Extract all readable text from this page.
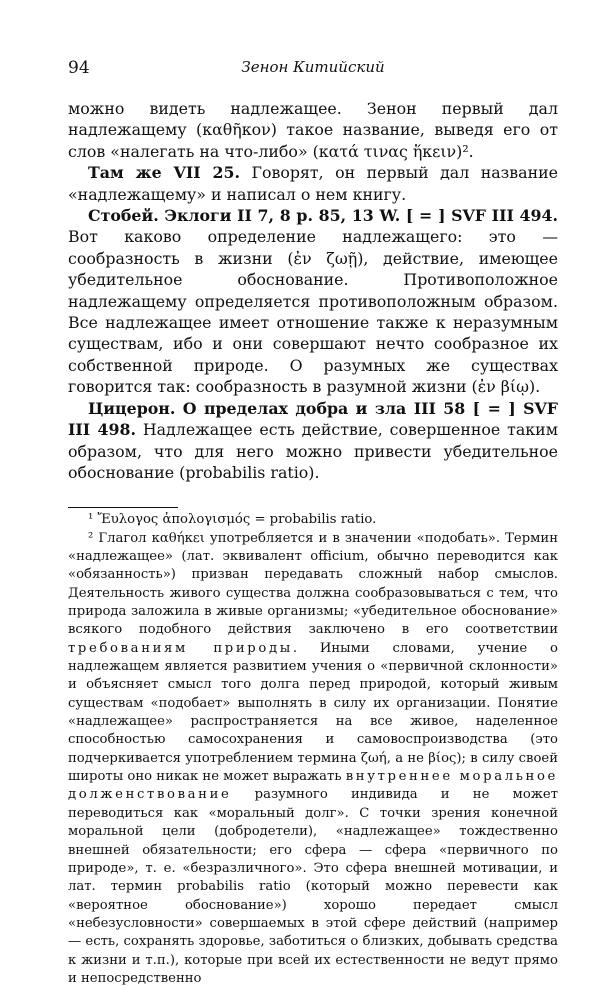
94	Зенон Китийский

можно видеть надлежащее. Зенон первый дал надлежащему (καθῆκον) такое название, выведя его от слов «налегать на что-либо» (κατά τινας ἥκειν)².

Там же VII 25. Говорят, он первый дал название «надлежащему» и написал о нем книгу.

Стобей. Эклоги II 7, 8 p. 85, 13 W. [ = ] SVF III 494. Вот каково определение надлежащего: это — сообразность в жизни (ἐν ζωῇ), действие, имеющее убедительное обоснование. Противоположное надлежащему определяется противоположным образом. Все надлежащее имеет отношение также к неразумным существам, ибо и они совершают нечто сообразное их собственной природе. О разумных же существах говорится так: сообразность в разумной жизни (ἐν βίῳ).

Цицерон. О пределах добра и зла III 58 [ = ] SVF III 498. Надлежащее есть действие, совершенное таким образом, что для него можно привести убедительное обоснование (probabilis ratio).

¹ Ἔυλογος ἀπολογισμός = probabilis ratio.

² Глагол καθήκει употребляется и в значении «подобать». Термин «надлежащее» (лат. эквивалент officium, обычно переводится как «обязанность») призван передавать сложный набор смыслов. Деятельность живого существа должна сообразовываться с тем, что природа заложила в живые организмы; «убедительное обоснование» всякого подобного действия заключено в его соответствии требованиям природы. Иными словами, учение о надлежащем является развитием учения о «первичной склонности» и объясняет смысл того долга перед природой, который живым существам «подобает» выполнять в силу их организации. Понятие «надлежащее» распространяется на все живое, наделенное способностью самосохранения и самовоспроизводства (это подчеркивается употреблением термина ζωή, а не βίος); в силу своей широты оно никак не может выражать внутреннее моральное долженствование разумного индивида и не может переводиться как «моральный долг». С точки зрения конечной моральной цели (добродетели), «надлежащее» тождественно внешней обязательности; его сфера — сфера «первичного по природе», т. е. «безразличного». Это сфера внешней мотивации, и лат. термин probabilis ratio (который можно перевести как «вероятное обоснование») хорошо передает смысл «небезусловности» совершаемых в этой сфере действий (например — есть, сохранять здоровье, заботиться о близких, добывать средства к жизни и т.п.), которые при всей их естественности не ведут прямо и непосредственно
